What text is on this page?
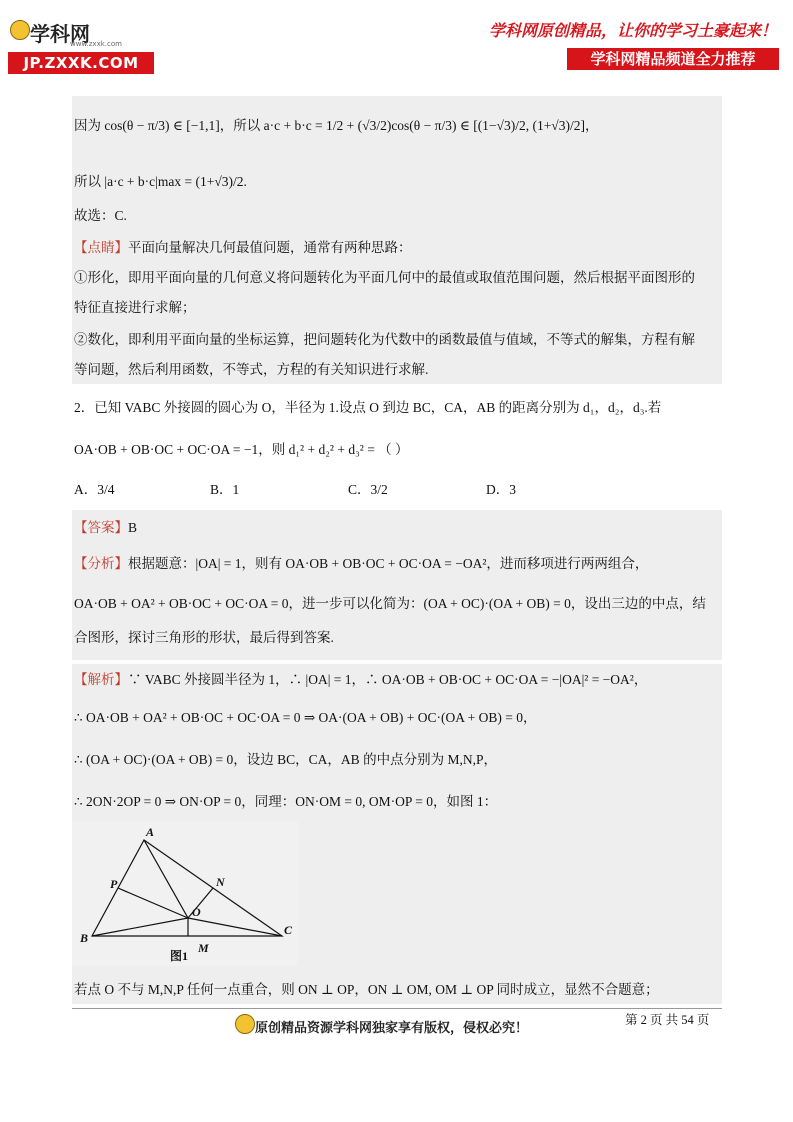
学科网
www.zxxk.com
JP.ZXXK.COM
学科网原创精品，让你的学习土豪起来！
学科网精品频道全力推荐
因为 cos(θ − π/3) ∈ [−1,1]，所以 a·c + b·c = 1/2 + (√3/2)cos(θ − π/3) ∈ [(1−√3)/2, (1+√3)/2]，
所以 |a·c + b·c|max = (1+√3)/2.
故选：C.
【点睛】平面向量解决几何最值问题，通常有两种思路：
①形化，即用平面向量的几何意义将问题转化为平面几何中的最值或取值范围问题，然后根据平面图形的
特征直接进行求解；
②数化，即利用平面向量的坐标运算，把问题转化为代数中的函数最值与值域，不等式的解集，方程有解
等问题，然后利用函数，不等式，方程的有关知识进行求解.
2．已知 VABC 外接圆的圆心为 O，半径为 1.设点 O 到边 BC，CA，AB 的距离分别为 d₁，d₂，d₃.若
OA·OB + OB·OC + OC·OA = −1，则 d₁² + d₂² + d₃² = （ ）
A．3/4	B．1	C．3/2	D．3
【答案】B
【分析】根据题意：|OA| = 1，则有 OA·OB + OB·OC + OC·OA = −OA²，进而移项进行两两组合，
OA·OB + OA² + OB·OC + OC·OA = 0，进一步可以化简为：(OA + OC)·(OA + OB) = 0，设出三边的中点，结
合图形，探讨三角形的形状，最后得到答案.
【解析】∵ VABC 外接圆半径为 1，∴ |OA| = 1，∴ OA·OB + OB·OC + OC·OA = −|OA|² = −OA²，
∴ OA·OB + OA² + OB·OC + OC·OA = 0 ⇒ OA·(OA + OB) + OC·(OA + OB) = 0，
∴ (OA + OC)·(OA + OB) = 0，设边 BC，CA，AB 的中点分别为 M,N,P，
∴ 2ON·2OP = 0 ⇒ ON·OP = 0，同理：ON·OM = 0, OM·OP = 0，如图 1：
A
B
C
P	N
O
M
图1
若点 O 不与 M,N,P 任何一点重合，则 ON ⊥ OP，ON ⊥ OM, OM ⊥ OP 同时成立，显然不合题意；
原创精品资源学科网独家享有版权，侵权必究！
第 2 页 共 54 页
